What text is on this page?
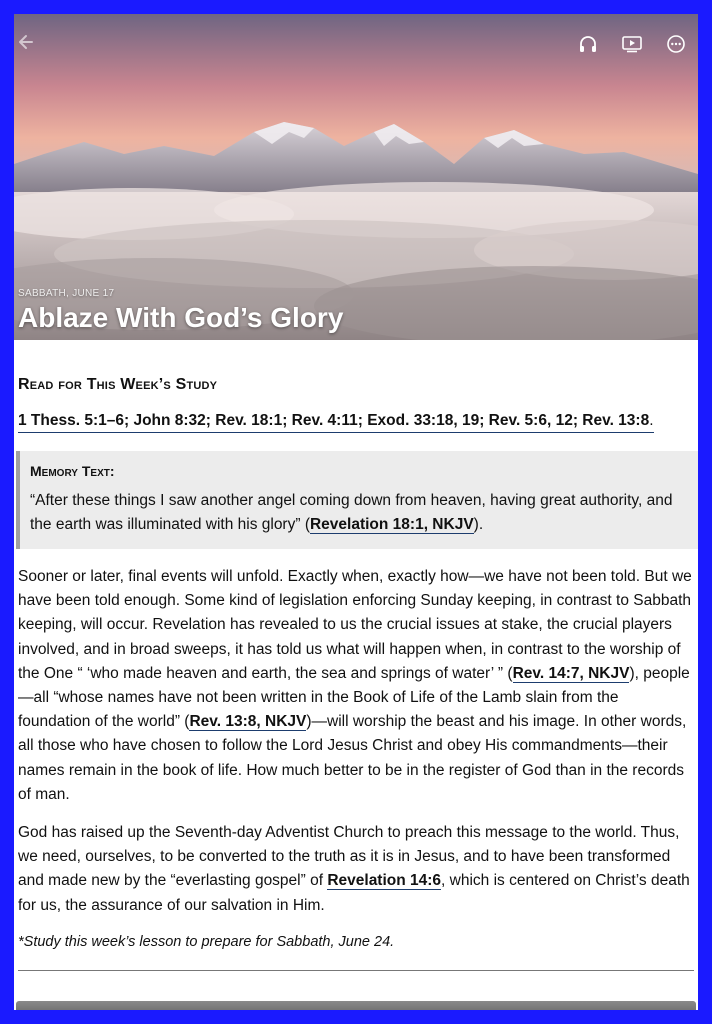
SABBATH, JUNE 17
Ablaze With God’s Glory
Read for This Week’s Study
1 Thess. 5:1–6; John 8:32; Rev. 18:1; Rev. 4:11; Exod. 33:18, 19; Rev. 5:6, 12; Rev. 13:8.
Memory Text:
“After these things I saw another angel coming down from heaven, having great authority, and the earth was illuminated with his glory” (Revelation 18:1, NKJV).

Sooner or later, final events will unfold. Exactly when, exactly how—we have not been told. But we have been told enough. Some kind of legislation enforcing Sunday keeping, in contrast to Sabbath keeping, will occur. Revelation has revealed to us the crucial issues at stake, the crucial players involved, and in broad sweeps, it has told us what will happen when, in contrast to the worship of the One “ ‘who made heaven and earth, the sea and springs of water’ ” (Rev. 14:7, NKJV), people—all “whose names have not been written in the Book of Life of the Lamb slain from the foundation of the world” (Rev. 13:8, NKJV)—will worship the beast and his image. In other words, all those who have chosen to follow the Lord Jesus Christ and obey His commandments—their names remain in the book of life. How much better to be in the register of God than in the records of man.

God has raised up the Seventh-day Adventist Church to preach this message to the world. Thus, we need, ourselves, to be converted to the truth as it is in Jesus, and to have been transformed and made new by the “everlasting gospel” of Revelation 14:6, which is centered on Christ’s death for us, the assurance of our salvation in Him.

*Study this week’s lesson to prepare for Sabbath, June 24.
